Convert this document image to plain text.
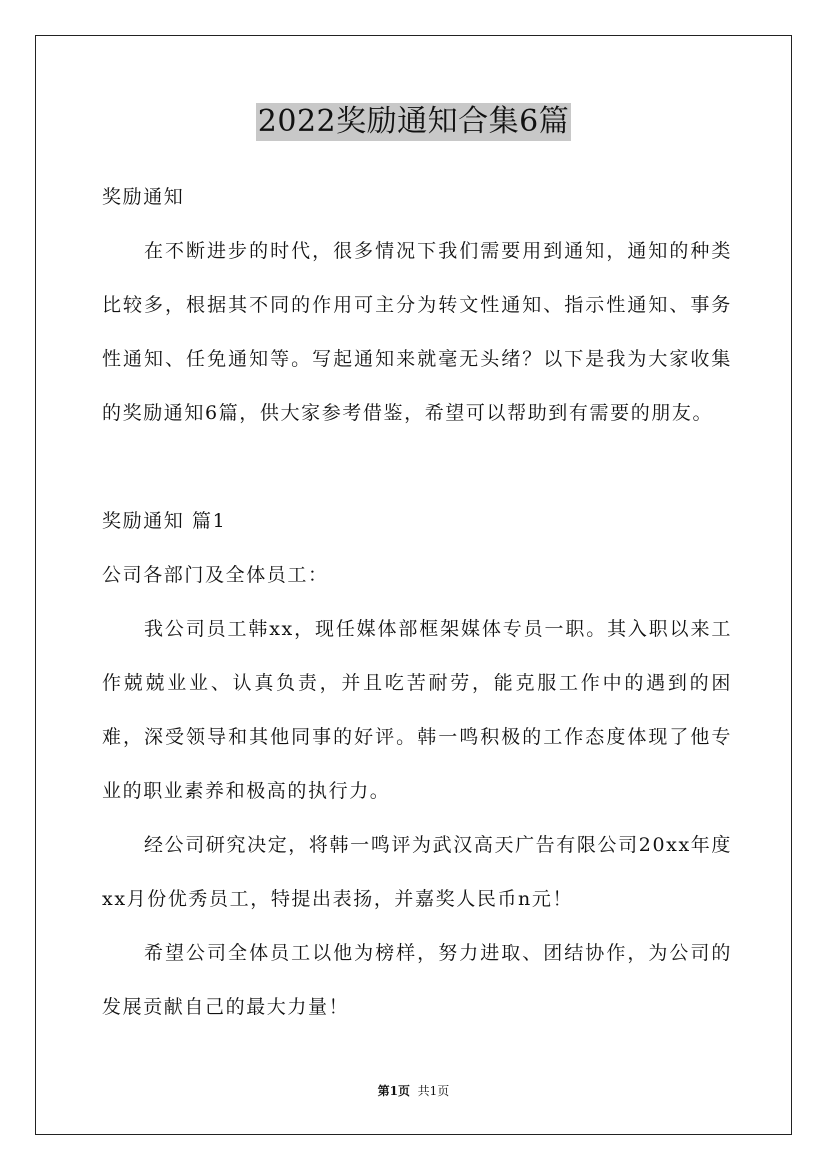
2022奖励通知合集6篇

奖励通知

在不断进步的时代，很多情况下我们需要用到通知，通知的种类比较多，根据其不同的作用可主分为转文性通知、指示性通知、事务性通知、任免通知等。写起通知来就毫无头绪？以下是我为大家收集的奖励通知6篇，供大家参考借鉴，希望可以帮助到有需要的朋友。

奖励通知 篇1

公司各部门及全体员工：

我公司员工韩xx，现任媒体部框架媒体专员一职。其入职以来工作兢兢业业、认真负责，并且吃苦耐劳，能克服工作中的遇到的困难，深受领导和其他同事的好评。韩一鸣积极的工作态度体现了他专业的职业素养和极高的执行力。

经公司研究决定，将韩一鸣评为武汉高天广告有限公司20xx年度xx月份优秀员工，特提出表扬，并嘉奖人民币n元！

希望公司全体员工以他为榜样，努力进取、团结协作，为公司的发展贡献自己的最大力量！

第1页 共1页
